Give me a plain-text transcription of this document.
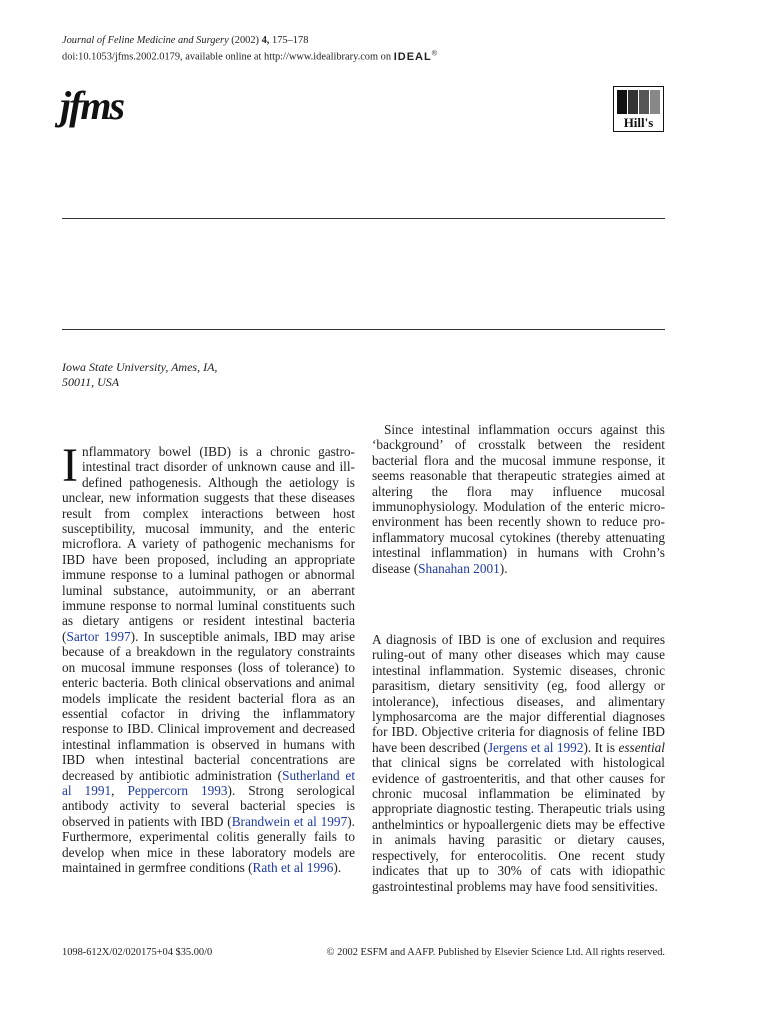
Journal of Feline Medicine and Surgery (2002) 4, 175–178
doi:10.1053/jfms.2002.0179, available online at http://www.idealibrary.com on IDEAL®
jfms	Hill's
Iowa State University, Ames, IA,
50011, USA

Inflammatory bowel (IBD) is a chronic gastro-intestinal tract disorder of unknown cause and ill-defined pathogenesis. Although the aetiology is unclear, new information suggests that these diseases result from complex interactions between host susceptibility, mucosal immunity, and the enteric microflora. A variety of pathogenic mechanisms for IBD have been proposed, including an appropriate immune response to a luminal pathogen or abnormal luminal substance, autoimmunity, or an aberrant immune response to normal luminal constituents such as dietary antigens or resident intestinal bacteria (Sartor 1997). In susceptible animals, IBD may arise because of a breakdown in the regulatory constraints on mucosal immune responses (loss of tolerance) to enteric bacteria. Both clinical observations and animal models implicate the resident bacterial flora as an essential cofactor in driving the inflammatory response to IBD. Clinical improvement and decreased intestinal inflammation is observed in humans with IBD when intestinal bacterial concentrations are decreased by antibiotic administration (Sutherland et al 1991, Peppercorn 1993). Strong serological antibody activity to several bacterial species is observed in patients with IBD (Brandwein et al 1997). Furthermore, experimental colitis generally fails to develop when mice in these laboratory models are maintained in germfree conditions (Rath et al 1996).

Since intestinal inflammation occurs against this ‘background’ of crosstalk between the resident bacterial flora and the mucosal immune response, it seems reasonable that therapeutic strategies aimed at altering the flora may influence mucosal immunophysiology. Modulation of the enteric micro-environment has been recently shown to reduce pro-inflammatory mucosal cytokines (thereby attenuating intestinal inflammation) in humans with Crohn’s disease (Shanahan 2001).

A diagnosis of IBD is one of exclusion and requires ruling-out of many other diseases which may cause intestinal inflammation. Systemic diseases, chronic parasitism, dietary sensitivity (eg, food allergy or intolerance), infectious diseases, and alimentary lymphosarcoma are the major differential diagnoses for IBD. Objective criteria for diagnosis of feline IBD have been described (Jergens et al 1992). It is essential that clinical signs be correlated with histological evidence of gastroenteritis, and that other causes for chronic mucosal inflammation be eliminated by appropriate diagnostic testing. Therapeutic trials using anthelmintics or hypoallergenic diets may be effective in animals having parasitic or dietary causes, respectively, for enterocolitis. One recent study indicates that up to 30% of cats with idiopathic gastrointestinal problems may have food sensitivities.

1098-612X/02/020175+04 $35.00/0	© 2002 ESFM and AAFP. Published by Elsevier Science Ltd. All rights reserved.
